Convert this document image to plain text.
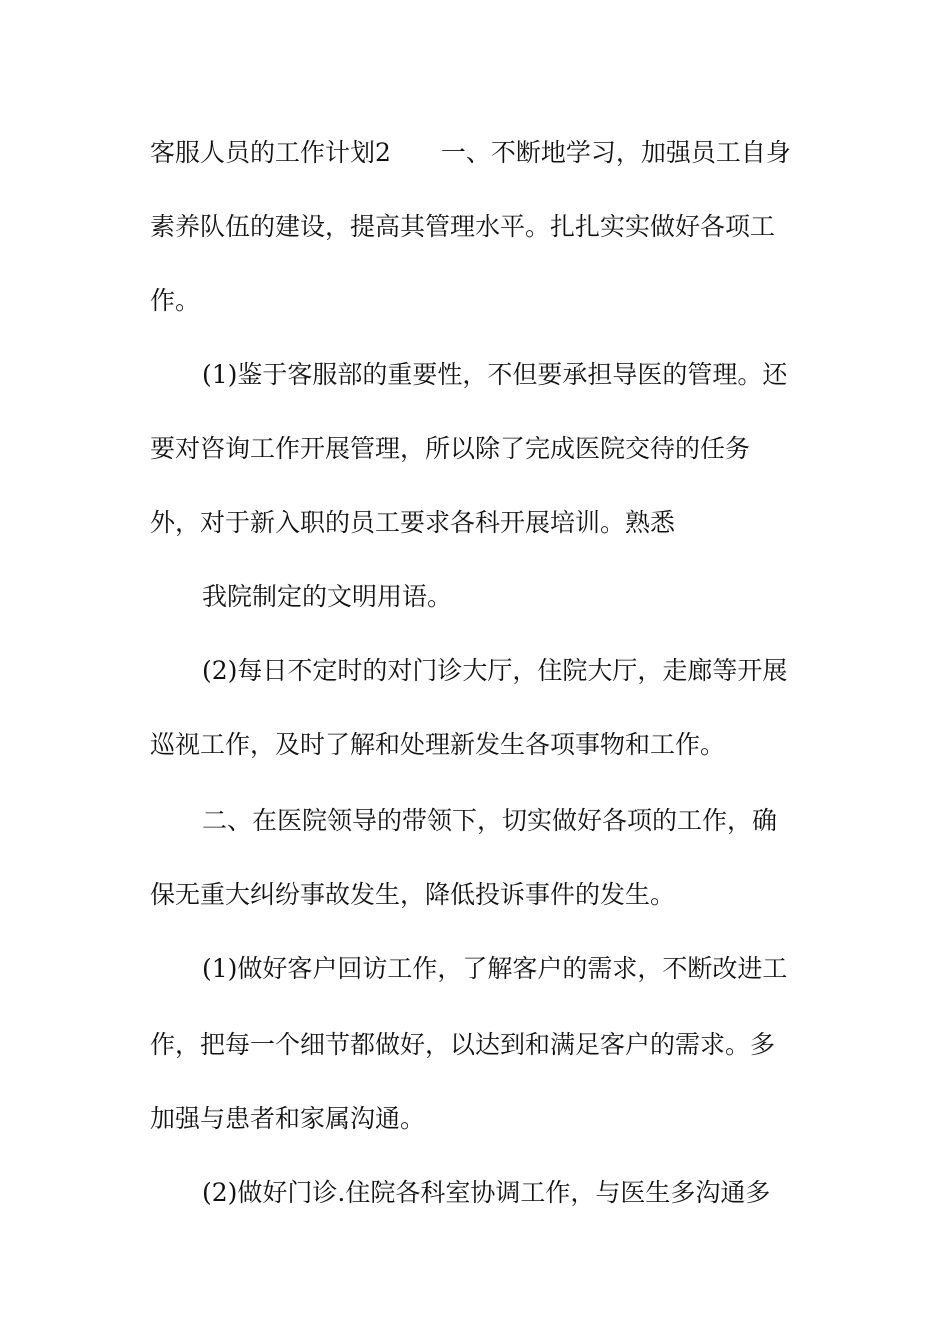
客服人员的工作计划2　　一、不断地学习，加强员工自身
素养队伍的建设，提高其管理水平。扎扎实实做好各项工
作。
(1)鉴于客服部的重要性，不但要承担导医的管理。还
要对咨询工作开展管理，所以除了完成医院交待的任务
外，对于新入职的员工要求各科开展培训。熟悉
我院制定的文明用语。
(2)每日不定时的对门诊大厅，住院大厅，走廊等开展
巡视工作，及时了解和处理新发生各项事物和工作。
二、在医院领导的带领下，切实做好各项的工作，确
保无重大纠纷事故发生，降低投诉事件的发生。
(1)做好客户回访工作，了解客户的需求，不断改进工
作，把每一个细节都做好，以达到和满足客户的需求。多
加强与患者和家属沟通。
(2)做好门诊.住院各科室协调工作，与医生多沟通多
